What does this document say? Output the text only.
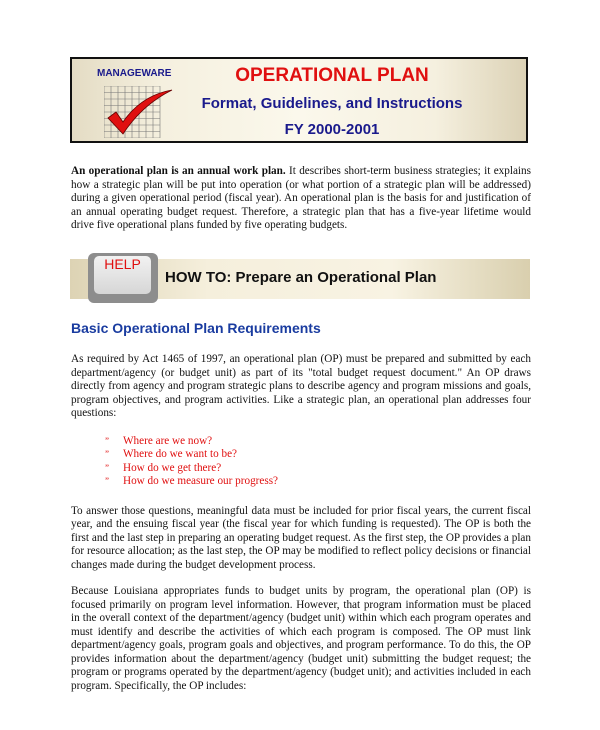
MANAGEWARE	OPERATIONAL PLAN
Format, Guidelines, and Instructions
FY 2000-2001

An operational plan is an annual work plan. It describes short-term business strategies; it explains how a strategic plan will be put into operation (or what portion of a strategic plan will be addressed) during a given operational period (fiscal year). An operational plan is the basis for and justification of an annual operating budget request. Therefore, a strategic plan that has a five-year lifetime would drive five operational plans funded by five operating budgets.

HELP
HOW TO: Prepare an Operational Plan
Basic Operational Plan Requirements

As required by Act 1465 of 1997, an operational plan (OP) must be prepared and submitted by each department/agency (or budget unit) as part of its "total budget request document." An OP draws directly from agency and program strategic plans to describe agency and program missions and goals, program objectives, and program activities. Like a strategic plan, an operational plan addresses four questions:

” Where are we now?
” Where do we want to be?
” How do we get there?
” How do we measure our progress?

To answer those questions, meaningful data must be included for prior fiscal years, the current fiscal year, and the ensuing fiscal year (the fiscal year for which funding is requested). The OP is both the first and the last step in preparing an operating budget request. As the first step, the OP provides a plan for resource allocation; as the last step, the OP may be modified to reflect policy decisions or financial changes made during the budget development process.

Because Louisiana appropriates funds to budget units by program, the operational plan (OP) is focused primarily on program level information. However, that program information must be placed in the overall context of the department/agency (budget unit) within which each program operates and must identify and describe the activities of which each program is composed. The OP must link department/agency goals, program goals and objectives, and program performance. To do this, the OP provides information about the department/agency (budget unit) submitting the budget request; the program or programs operated by the department/agency (budget unit); and activities included in each program. Specifically, the OP includes:
